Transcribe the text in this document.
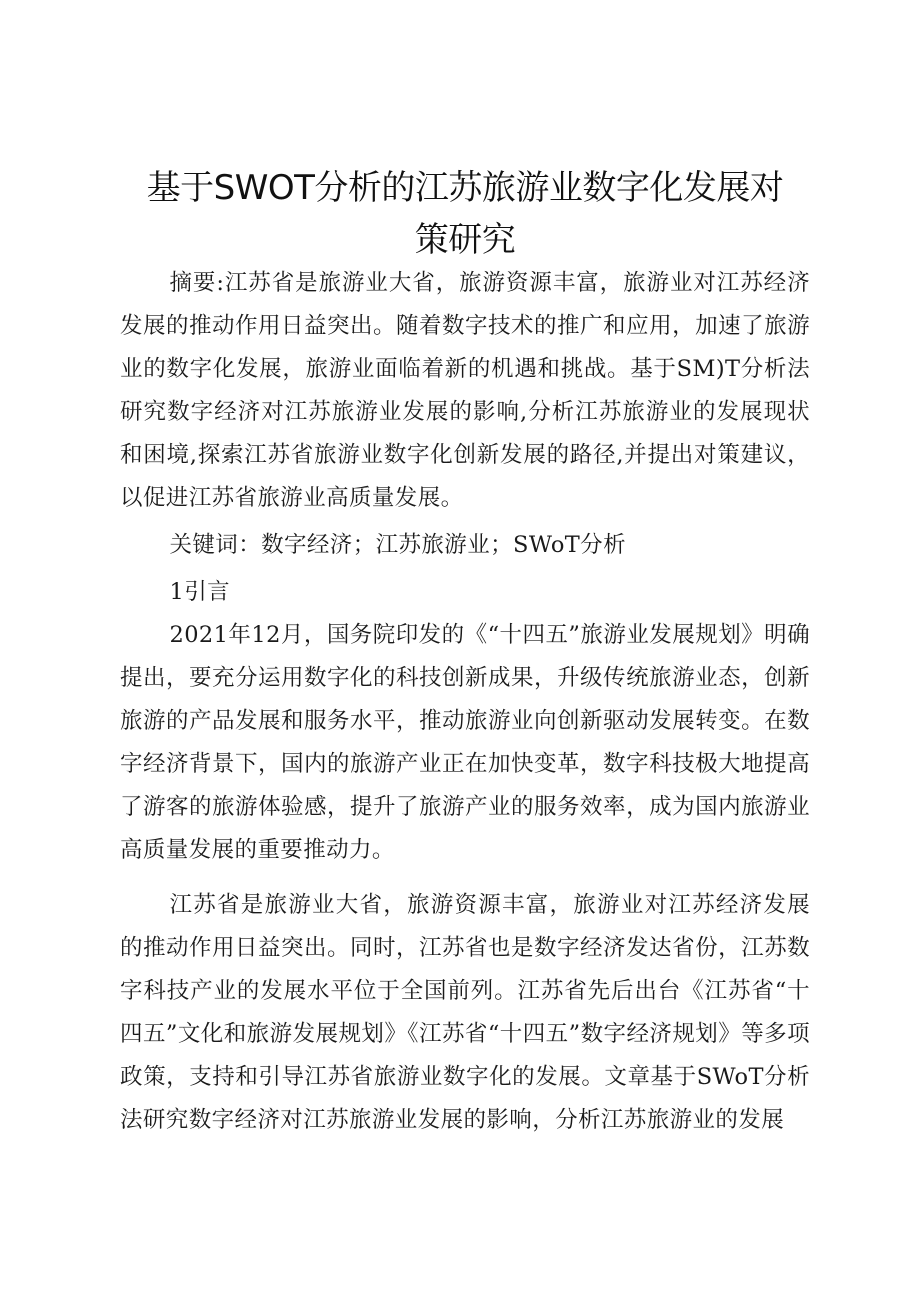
基于SWOT分析的江苏旅游业数字化发展对
策研究

摘要:江苏省是旅游业大省，旅游资源丰富，旅游业对江苏经济发展的推动作用日益突出。随着数字技术的推广和应用，加速了旅游业的数字化发展，旅游业面临着新的机遇和挑战。基于SM)T分析法研究数字经济对江苏旅游业发展的影响,分析江苏旅游业的发展现状和困境,探索江苏省旅游业数字化创新发展的路径,并提出对策建议，以促进江苏省旅游业高质量发展。

关键词：数字经济；江苏旅游业；SWoT分析

1引言

2021年12月，国务院印发的《“十四五”旅游业发展规划》明确提出，要充分运用数字化的科技创新成果，升级传统旅游业态，创新旅游的产品发展和服务水平，推动旅游业向创新驱动发展转变。在数字经济背景下，国内的旅游产业正在加快变革，数字科技极大地提高了游客的旅游体验感，提升了旅游产业的服务效率，成为国内旅游业高质量发展的重要推动力。

江苏省是旅游业大省，旅游资源丰富，旅游业对江苏经济发展的推动作用日益突出。同时，江苏省也是数字经济发达省份，江苏数字科技产业的发展水平位于全国前列。江苏省先后出台《江苏省“十四五”文化和旅游发展规划》《江苏省“十四五”数字经济规划》等多项政策，支持和引导江苏省旅游业数字化的发展。文章基于SWoT分析法研究数字经济对江苏旅游业发展的影响，分析江苏旅游业的发展
